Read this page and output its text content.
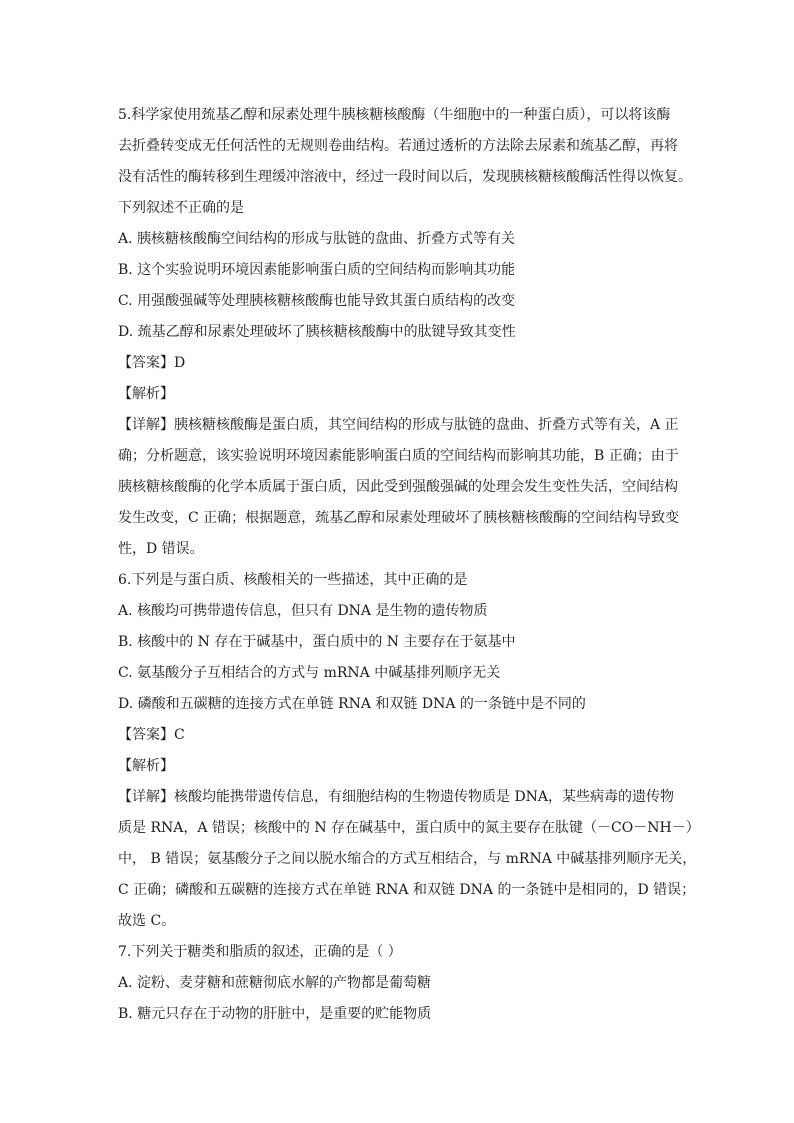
5.科学家使用巯基乙醇和尿素处理牛胰核糖核酸酶（牛细胞中的一种蛋白质），可以将该酶
去折叠转变成无任何活性的无规则卷曲结构。若通过透析的方法除去尿素和巯基乙醇，再将
没有活性的酶转移到生理缓冲溶液中，经过一段时间以后，发现胰核糖核酸酶活性得以恢复。
下列叙述不正确的是
A. 胰核糖核酸酶空间结构的形成与肽链的盘曲、折叠方式等有关
B. 这个实验说明环境因素能影响蛋白质的空间结构而影响其功能
C. 用强酸强碱等处理胰核糖核酸酶也能导致其蛋白质结构的改变
D. 巯基乙醇和尿素处理破坏了胰核糖核酸酶中的肽键导致其变性
【答案】D
【解析】
【详解】胰核糖核酸酶是蛋白质，其空间结构的形成与肽链的盘曲、折叠方式等有关，A 正
确；分析题意，该实验说明环境因素能影响蛋白质的空间结构而影响其功能，B 正确；由于
胰核糖核酸酶的化学本质属于蛋白质，因此受到强酸强碱的处理会发生变性失活，空间结构
发生改变，C 正确；根据题意，巯基乙醇和尿素处理破坏了胰核糖核酸酶的空间结构导致变
性，D 错误。
6.下列是与蛋白质、核酸相关的一些描述，其中正确的是
A. 核酸均可携带遗传信息，但只有 DNA 是生物的遗传物质
B. 核酸中的 N 存在于碱基中，蛋白质中的 N 主要存在于氨基中
C. 氨基酸分子互相结合的方式与 mRNA 中碱基排列顺序无关
D. 磷酸和五碳糖的连接方式在单链 RNA 和双链 DNA 的一条链中是不同的
【答案】C
【解析】
【详解】核酸均能携带遗传信息，有细胞结构的生物遗传物质是 DNA，某些病毒的遗传物
质是 RNA，A 错误；核酸中的 N 存在碱基中，蛋白质中的氮主要存在肽键（－CO－NH－）
中， B 错误；氨基酸分子之间以脱水缩合的方式互相结合，与 mRNA 中碱基排列顺序无关，
C 正确；磷酸和五碳糖的连接方式在单链 RNA 和双链 DNA 的一条链中是相同的，D 错误；
故选 C。
7.下列关于糖类和脂质的叙述，正确的是（ ）
A. 淀粉、麦芽糖和蔗糖彻底水解的产物都是葡萄糖
B. 糖元只存在于动物的肝脏中，是重要的贮能物质
